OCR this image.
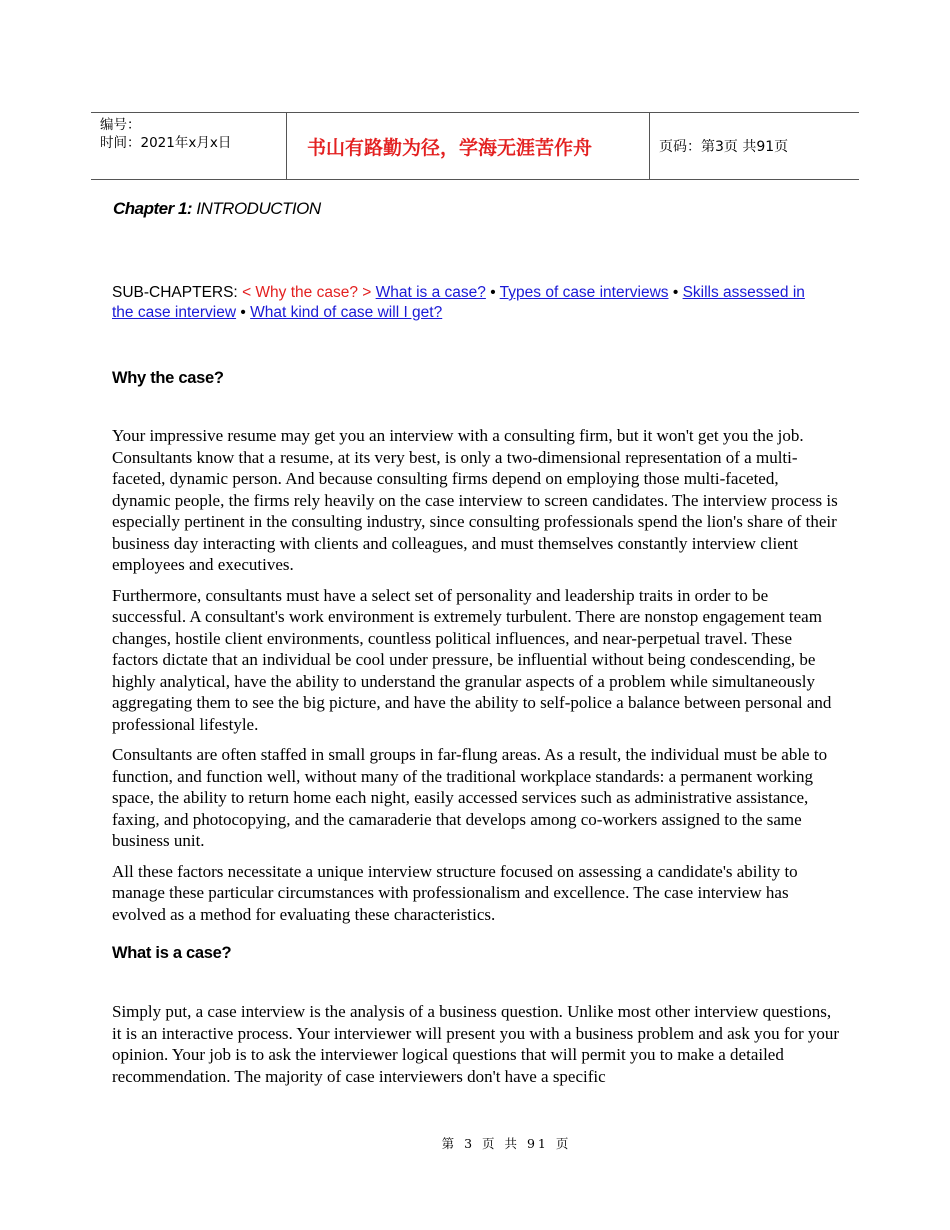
编号：
时间：2021年x月x日	书山有路勤为径，学海无涯苦作舟	页码：第3页 共91页
Chapter 1: INTRODUCTION
SUB-CHAPTERS: < Why the case? > What is a case? • Types of case interviews • Skills assessed in the case interview • What kind of case will I get?
Why the case?

Your impressive resume may get you an interview with a consulting firm, but it won't get you the job. Consultants know that a resume, at its very best, is only a two-dimensional representation of a multi-faceted, dynamic person. And because consulting firms depend on employing those multi-faceted, dynamic people, the firms rely heavily on the case interview to screen candidates. The interview process is especially pertinent in the consulting industry, since consulting professionals spend the lion's share of their business day interacting with clients and colleagues, and must themselves constantly interview client employees and executives.

Furthermore, consultants must have a select set of personality and leadership traits in order to be successful. A consultant's work environment is extremely turbulent. There are nonstop engagement team changes, hostile client environments, countless political influences, and near-perpetual travel. These factors dictate that an individual be cool under pressure, be influential without being condescending, be highly analytical, have the ability to understand the granular aspects of a problem while simultaneously aggregating them to see the big picture, and have the ability to self-police a balance between personal and professional lifestyle.

Consultants are often staffed in small groups in far-flung areas. As a result, the individual must be able to function, and function well, without many of the traditional workplace standards: a permanent working space, the ability to return home each night, easily accessed services such as administrative assistance, faxing, and photocopying, and the camaraderie that develops among co-workers assigned to the same business unit.

All these factors necessitate a unique interview structure focused on assessing a candidate's ability to manage these particular circumstances with professionalism and excellence. The case interview has evolved as a method for evaluating these characteristics.

What is a case?

Simply put, a case interview is the analysis of a business question. Unlike most other interview questions, it is an interactive process. Your interviewer will present you with a business problem and ask you for your opinion. Your job is to ask the interviewer logical questions that will permit you to make a detailed recommendation. The majority of case interviewers don't have a specific

第 3 页 共 91 页
